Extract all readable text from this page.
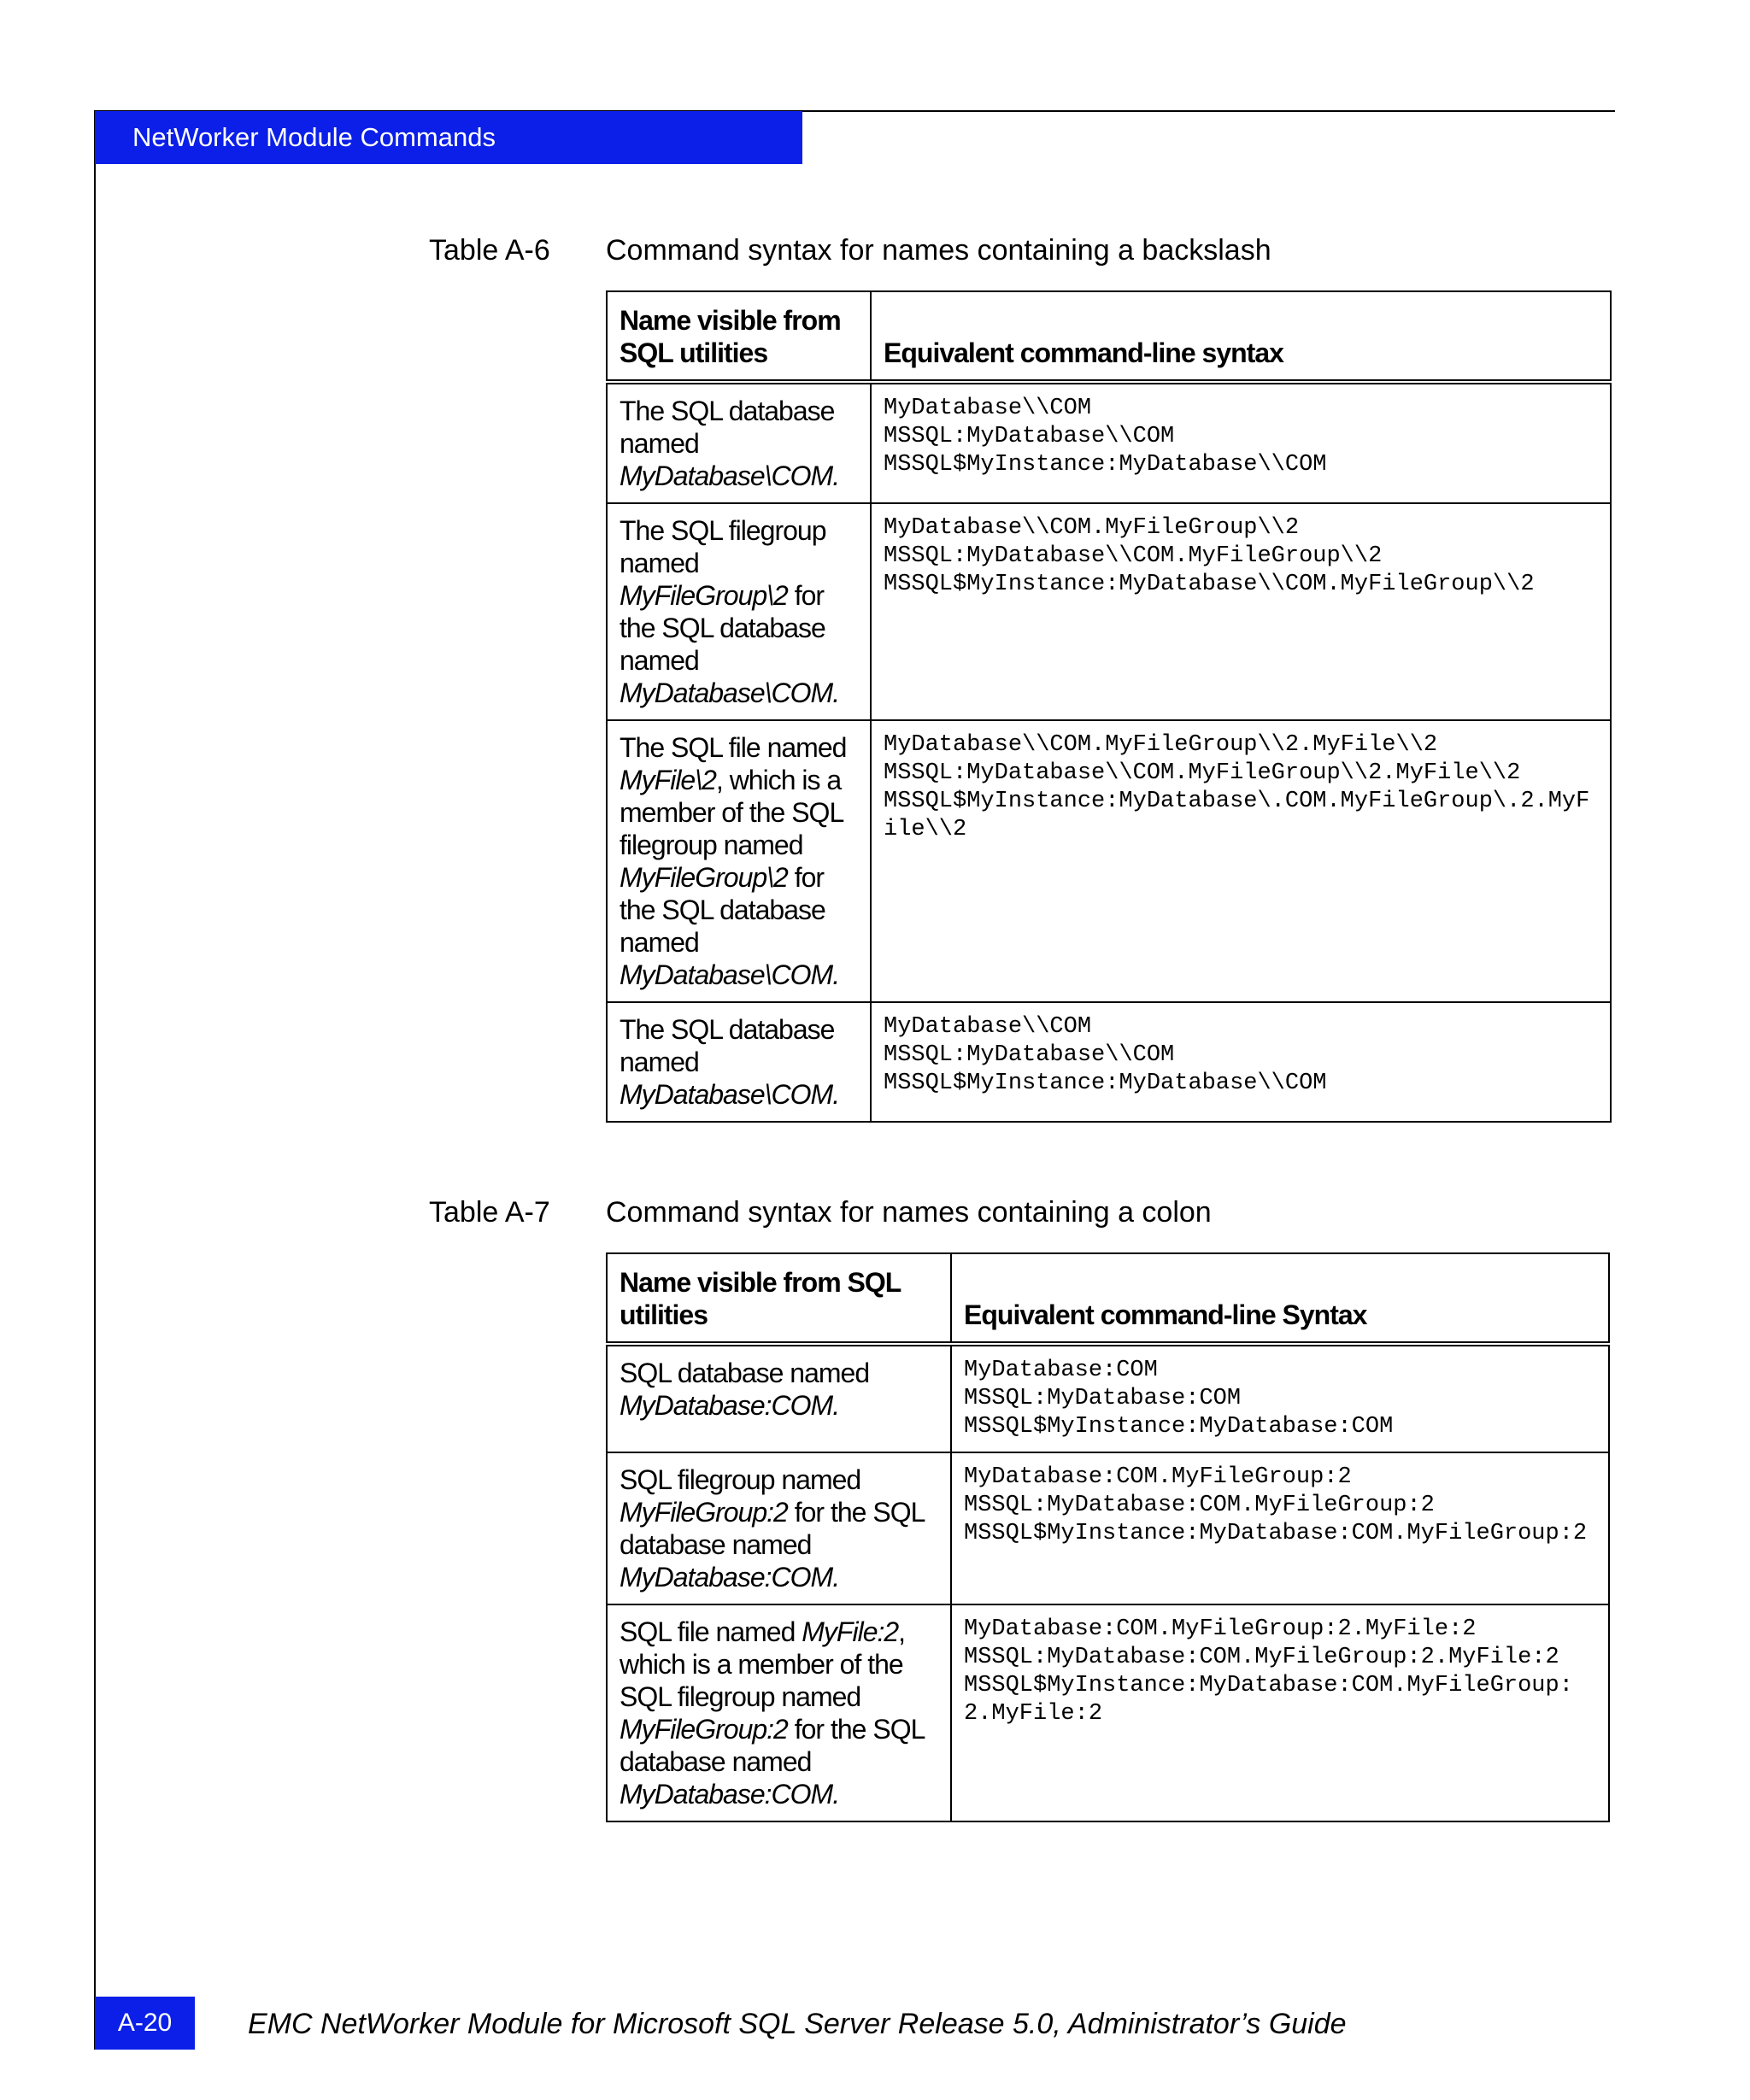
NetWorker Module Commands
Table A-6 Command syntax for names containing a backslash
Name visible from SQL utilities	Equivalent command-line syntax
The SQL database named MyDatabase\COM.	MyDatabase\\COM
MSSQL:MyDatabase\\COM
MSSQL$MyInstance:MyDatabase\\COM

The SQL filegroup named MyFileGroup\2 for the SQL database named MyDatabase\COM.	MyDatabase\\COM.MyFileGroup\\2
MSSQL:MyDatabase\\COM.MyFileGroup\\2
MSSQL$MyInstance:MyDatabase\\COM.MyFileGroup\\2

The SQL file named MyFile\2, which is a member of the SQL filegroup named MyFileGroup\2 for the SQL database named MyDatabase\COM.	MyDatabase\\COM.MyFileGroup\\2.MyFile\\2
MSSQL:MyDatabase\\COM.MyFileGroup\\2.MyFile\\2
MSSQL$MyInstance:MyDatabase\.COM.MyFileGroup\.2.MyFile\\2

The SQL database named MyDatabase\COM.	MyDatabase\\COM
MSSQL:MyDatabase\\COM
MSSQL$MyInstance:MyDatabase\\COM
Table A-7 Command syntax for names containing a colon
Name visible from SQL utilities	Equivalent command-line Syntax
SQL database named MyDatabase:COM.	MyDatabase:COM
MSSQL:MyDatabase:COM
MSSQL$MyInstance:MyDatabase:COM

SQL filegroup named MyFileGroup:2 for the SQL database named MyDatabase:COM.	MyDatabase:COM.MyFileGroup:2
MSSQL:MyDatabase:COM.MyFileGroup:2
MSSQL$MyInstance:MyDatabase:COM.MyFileGroup:2

SQL file named MyFile:2, which is a member of the SQL filegroup named MyFileGroup:2 for the SQL database named MyDatabase:COM.	MyDatabase:COM.MyFileGroup:2.MyFile:2
MSSQL:MyDatabase:COM.MyFileGroup:2.MyFile:2
MSSQL$MyInstance:MyDatabase:COM.MyFileGroup:2.MyFile:2
A-20	EMC NetWorker Module for Microsoft SQL Server Release 5.0, Administrator’s Guide
